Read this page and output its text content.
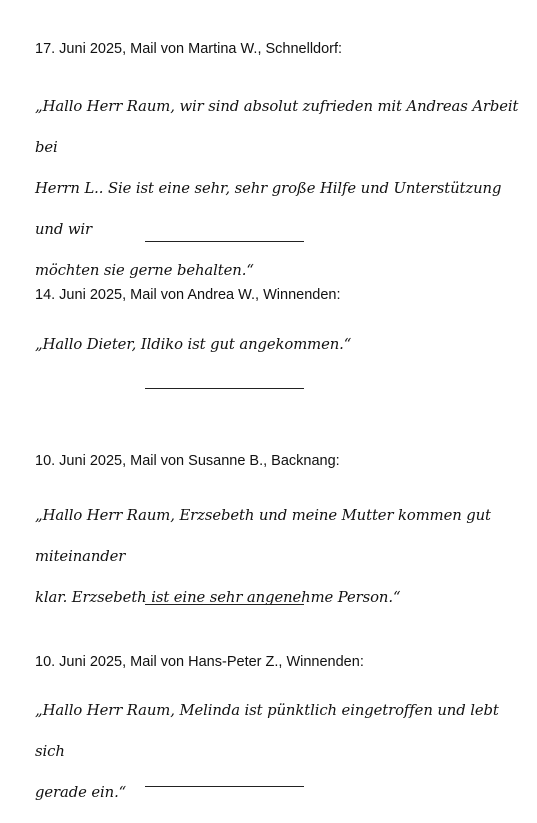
17. Juni 2025, Mail von Martina W., Schnelldorf:

„Hallo Herr Raum, wir sind absolut zufrieden mit Andreas Arbeit bei
Herrn L.. Sie ist eine sehr, sehr große Hilfe und Unterstützung und wir
möchten sie gerne behalten.“

14. Juni 2025, Mail von Andrea W., Winnenden:

„Hallo Dieter, Ildiko ist gut angekommen.“

10. Juni 2025, Mail von Susanne B., Backnang:

„Hallo Herr Raum, Erzsebeth und meine Mutter kommen gut miteinander
klar. Erzsebeth ist eine sehr angenehme Person.“

10. Juni 2025, Mail von Hans-Peter Z., Winnenden:

„Hallo Herr Raum, Melinda ist pünktlich eingetroffen und lebt sich
gerade ein.“
